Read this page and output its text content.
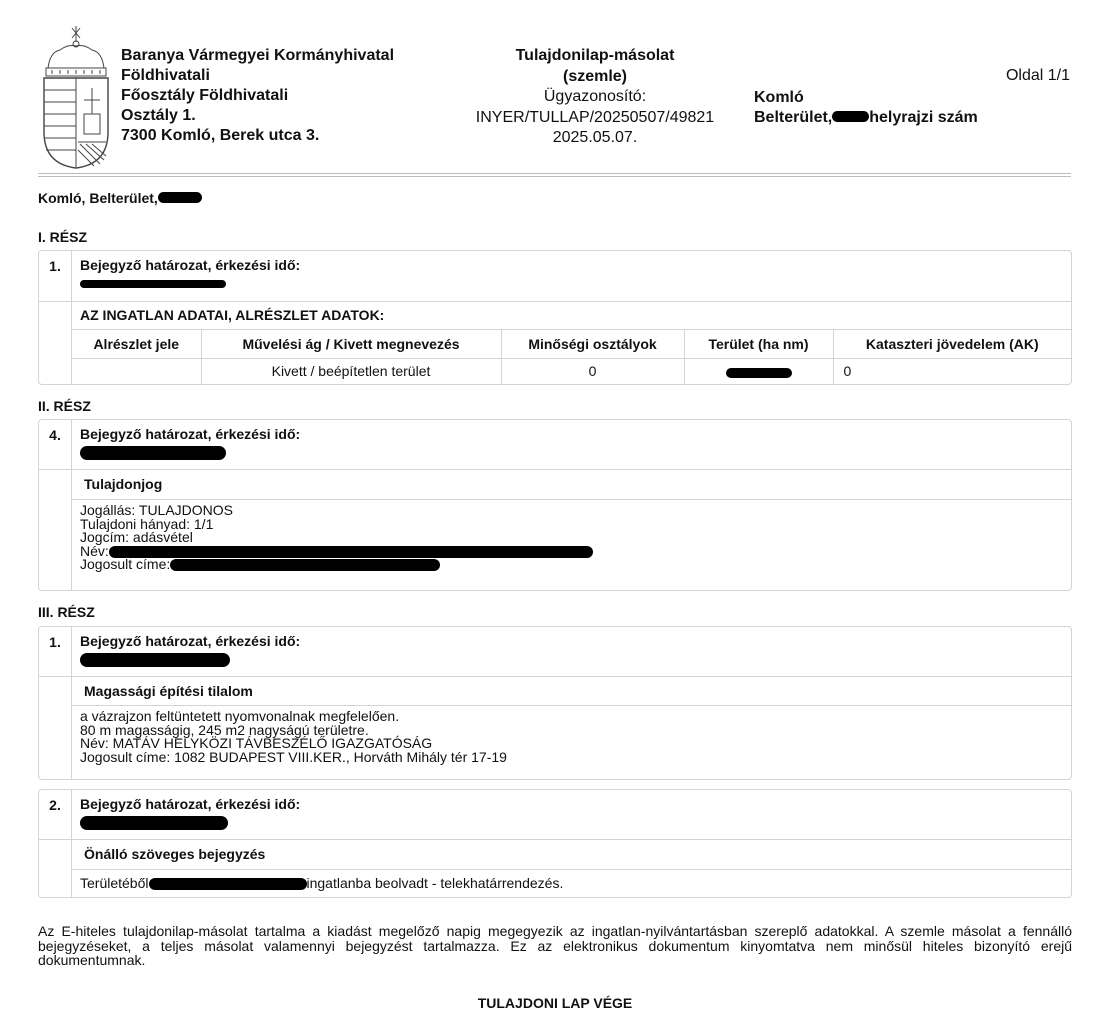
Baranya Vármegyei Kormányhivatal
Földhivatali
Főosztály Földhivatali
Osztály 1.
7300 Komló, Berek utca 3.
Tulajdonilap-másolat
(szemle)
Ügyazonosító:
INYER/TULLAP/20250507/49821
2025.05.07.
Oldal 1/1
Komló
Belterület, helyrajzi szám
Komló, Belterület,
I. RÉSZ
1.	Bejegyző határozat, érkezési idő:
AZ INGATLAN ADATAI, ALRÉSZLET ADATOK:
Alrészlet jele	Művelési ág / Kivett megnevezés	Minőségi osztályok	Terület (ha nm)	Kataszteri jövedelem (AK)
	Kivett / beépítetlen terület	0		0
II. RÉSZ
4.	Bejegyző határozat, érkezési idő:
Tulajdonjog
Jogállás: TULAJDONOS
Tulajdoni hányad: 1/1
Jogcím: adásvétel
Név:
Jogosult címe:
III. RÉSZ
1.	Bejegyző határozat, érkezési idő:
Magassági építési tilalom
a vázrajzon feltüntetett nyomvonalnak megfelelően.
80 m magasságig, 245 m2 nagyságú területre.
Név: MATÁV HELYKÖZI TÁVBESZÉLŐ IGAZGATÓSÁG
Jogosult címe: 1082 BUDAPEST VIII.KER., Horváth Mihály tér 17-19
2.	Bejegyző határozat, érkezési idő:
Önálló szöveges bejegyzés
Területéből	ingatlanba beolvadt - telekhatárrendezés.
Az E-hiteles tulajdonilap-másolat tartalma a kiadást megelőző napig megegyezik az ingatlan-nyilvántartásban szereplő adatokkal. A szemle másolat a fennálló bejegyzéseket, a teljes másolat valamennyi bejegyzést tartalmazza. Ez az elektronikus dokumentum kinyomtatva nem minősül hiteles bizonyító erejű dokumentumnak.
TULAJDONI LAP VÉGE
